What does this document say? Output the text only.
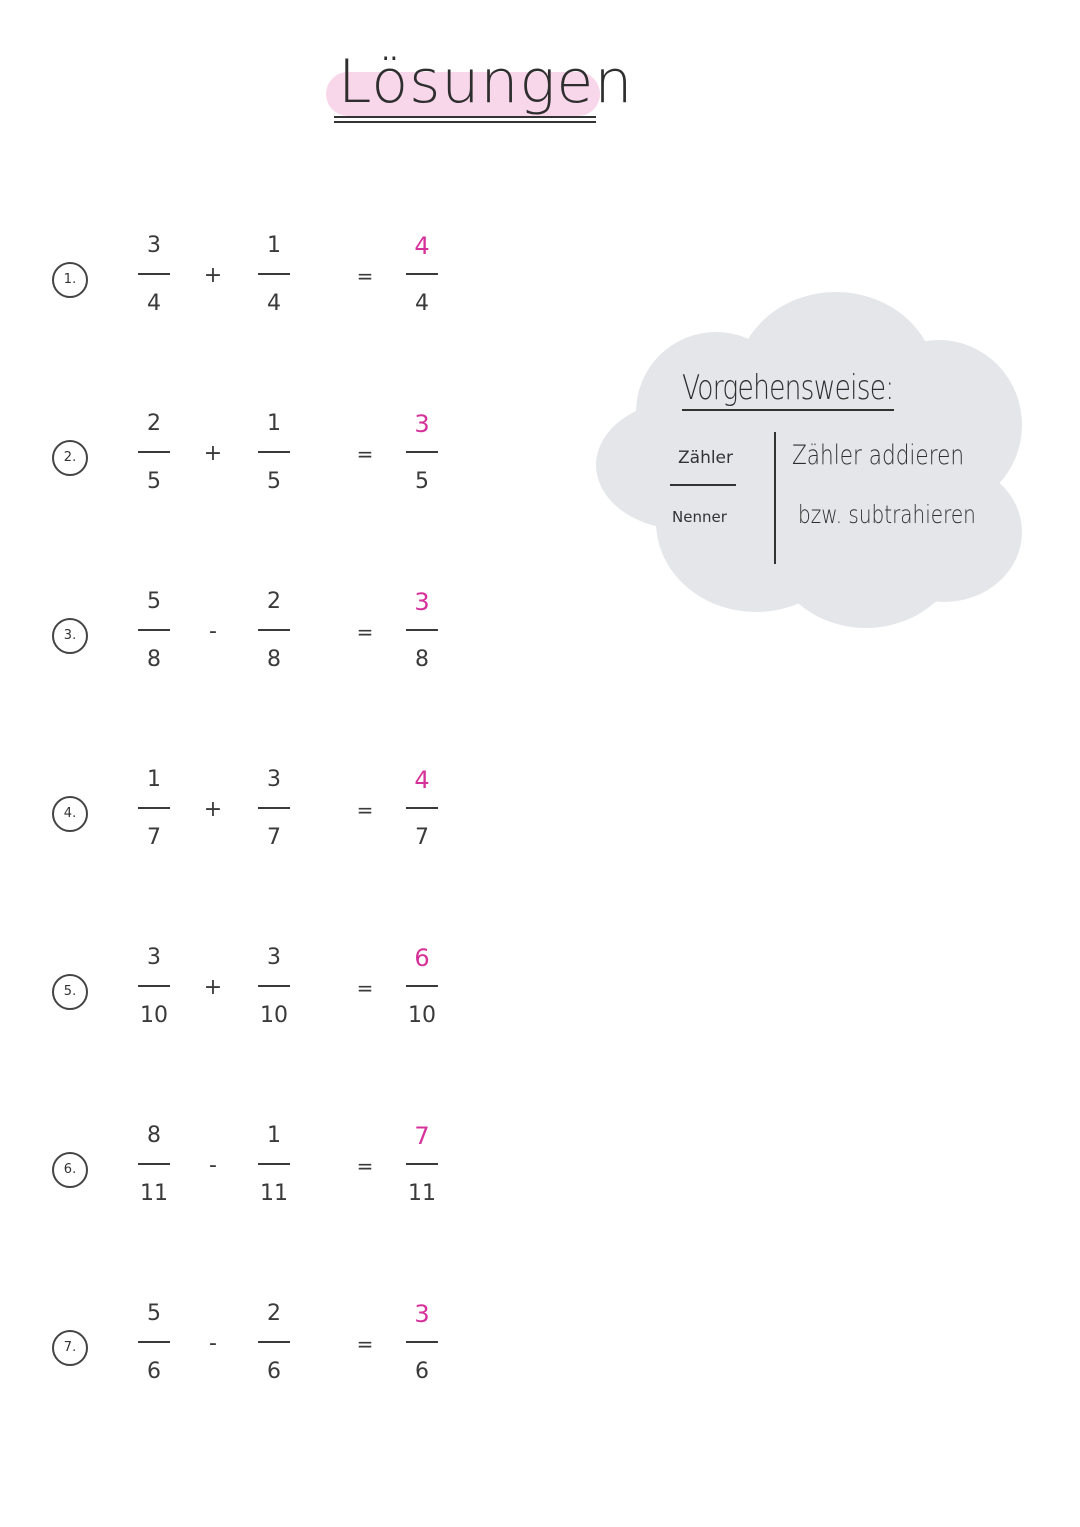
Lösungen
1.
3
4
+
1
4
=
4
4
2.
2
5
+
1
5
=
3
5
3.
5
8
-
2
8
=
3
8
4.
1
7
+
3
7
=
4
7
5.
3
10
+
3
10
=
6
10
6.
8
11
-
1
11
=
7
11
7.
5
6
-
2
6
=
3
6
Vorgehensweise:
Zähler
Nenner
Zähler addieren
bzw. subtrahieren
